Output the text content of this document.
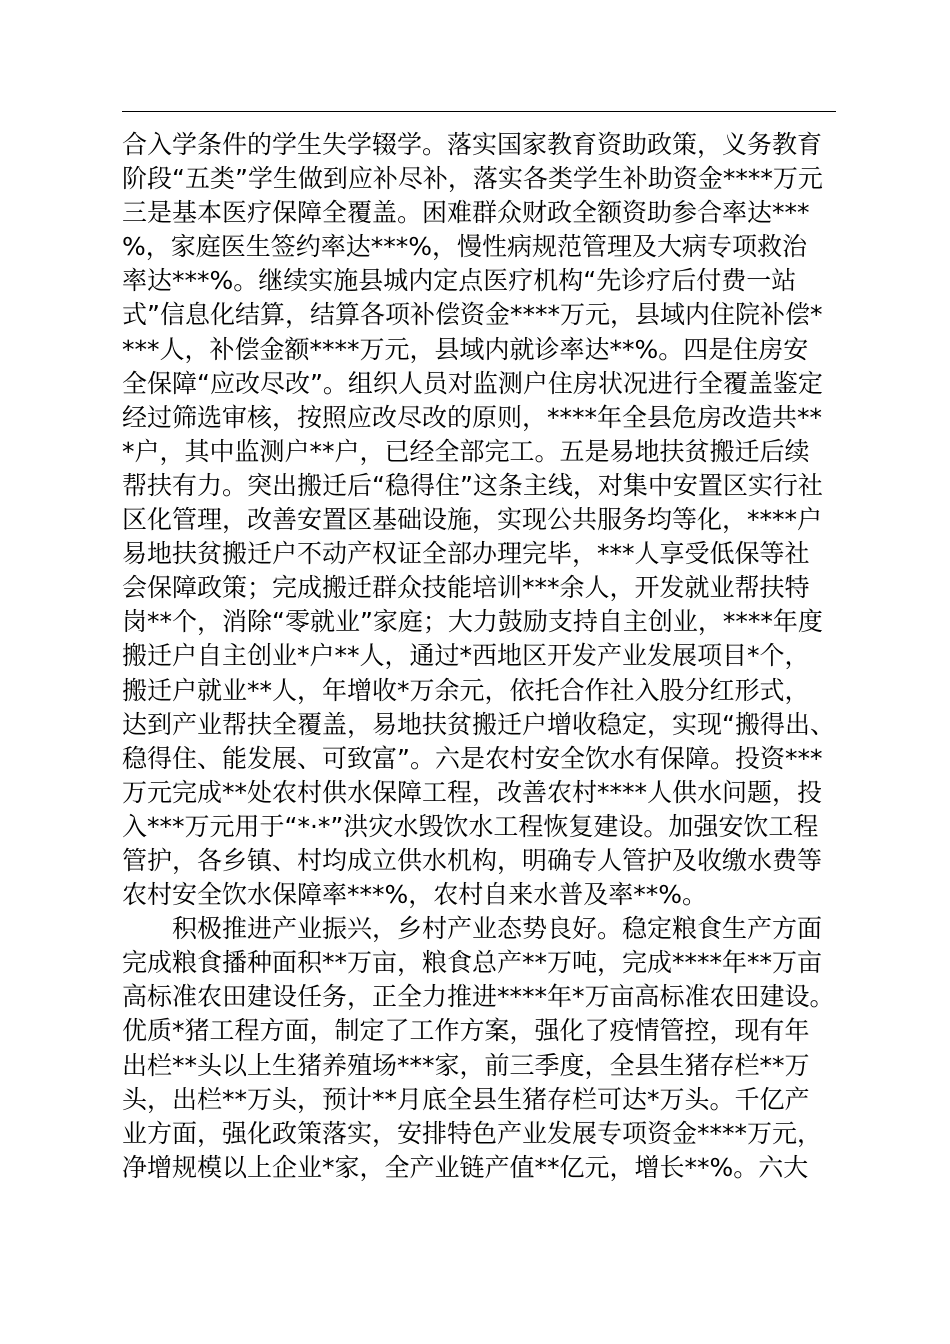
合入学条件的学生失学辍学。落实国家教育资助政策，义务教育
阶段“五类”学生做到应补尽补，落实各类学生补助资金****万元
三是基本医疗保障全覆盖。困难群众财政全额资助参合率达***
%，家庭医生签约率达***%，慢性病规范管理及大病专项救治
率达***%。继续实施县城内定点医疗机构“先诊疗后付费一站
式”信息化结算，结算各项补偿资金****万元，县域内住院补偿*
***人，补偿金额****万元，县域内就诊率达**%。四是住房安
全保障“应改尽改”。组织人员对监测户住房状况进行全覆盖鉴定
经过筛选审核，按照应改尽改的原则，****年全县危房改造共**
*户，其中监测户**户，已经全部完工。五是易地扶贫搬迁后续
帮扶有力。突出搬迁后“稳得住”这条主线，对集中安置区实行社
区化管理，改善安置区基础设施，实现公共服务均等化，****户
易地扶贫搬迁户不动产权证全部办理完毕，***人享受低保等社
会保障政策；完成搬迁群众技能培训***余人，开发就业帮扶特
岗**个，消除“零就业”家庭；大力鼓励支持自主创业，****年度
搬迁户自主创业*户**人，通过*西地区开发产业发展项目*个，
搬迁户就业**人，年增收*万余元，依托合作社入股分红形式，
达到产业帮扶全覆盖，易地扶贫搬迁户增收稳定，实现“搬得出、
稳得住、能发展、可致富”。六是农村安全饮水有保障。投资***
万元完成**处农村供水保障工程，改善农村****人供水问题，投
入***万元用于“*·*”洪灾水毁饮水工程恢复建设。加强安饮工程
管护，各乡镇、村均成立供水机构，明确专人管护及收缴水费等
农村安全饮水保障率***%，农村自来水普及率**%。
积极推进产业振兴，乡村产业态势良好。稳定粮食生产方面
完成粮食播种面积**万亩，粮食总产**万吨，完成****年**万亩
高标准农田建设任务，正全力推进****年*万亩高标准农田建设。
优质*猪工程方面，制定了工作方案，强化了疫情管控，现有年
出栏**头以上生猪养殖场***家，前三季度，全县生猪存栏**万
头，出栏**万头，预计**月底全县生猪存栏可达*万头。千亿产
业方面，强化政策落实，安排特色产业发展专项资金****万元，
净增规模以上企业*家，全产业链产值**亿元，增长**%。六大
